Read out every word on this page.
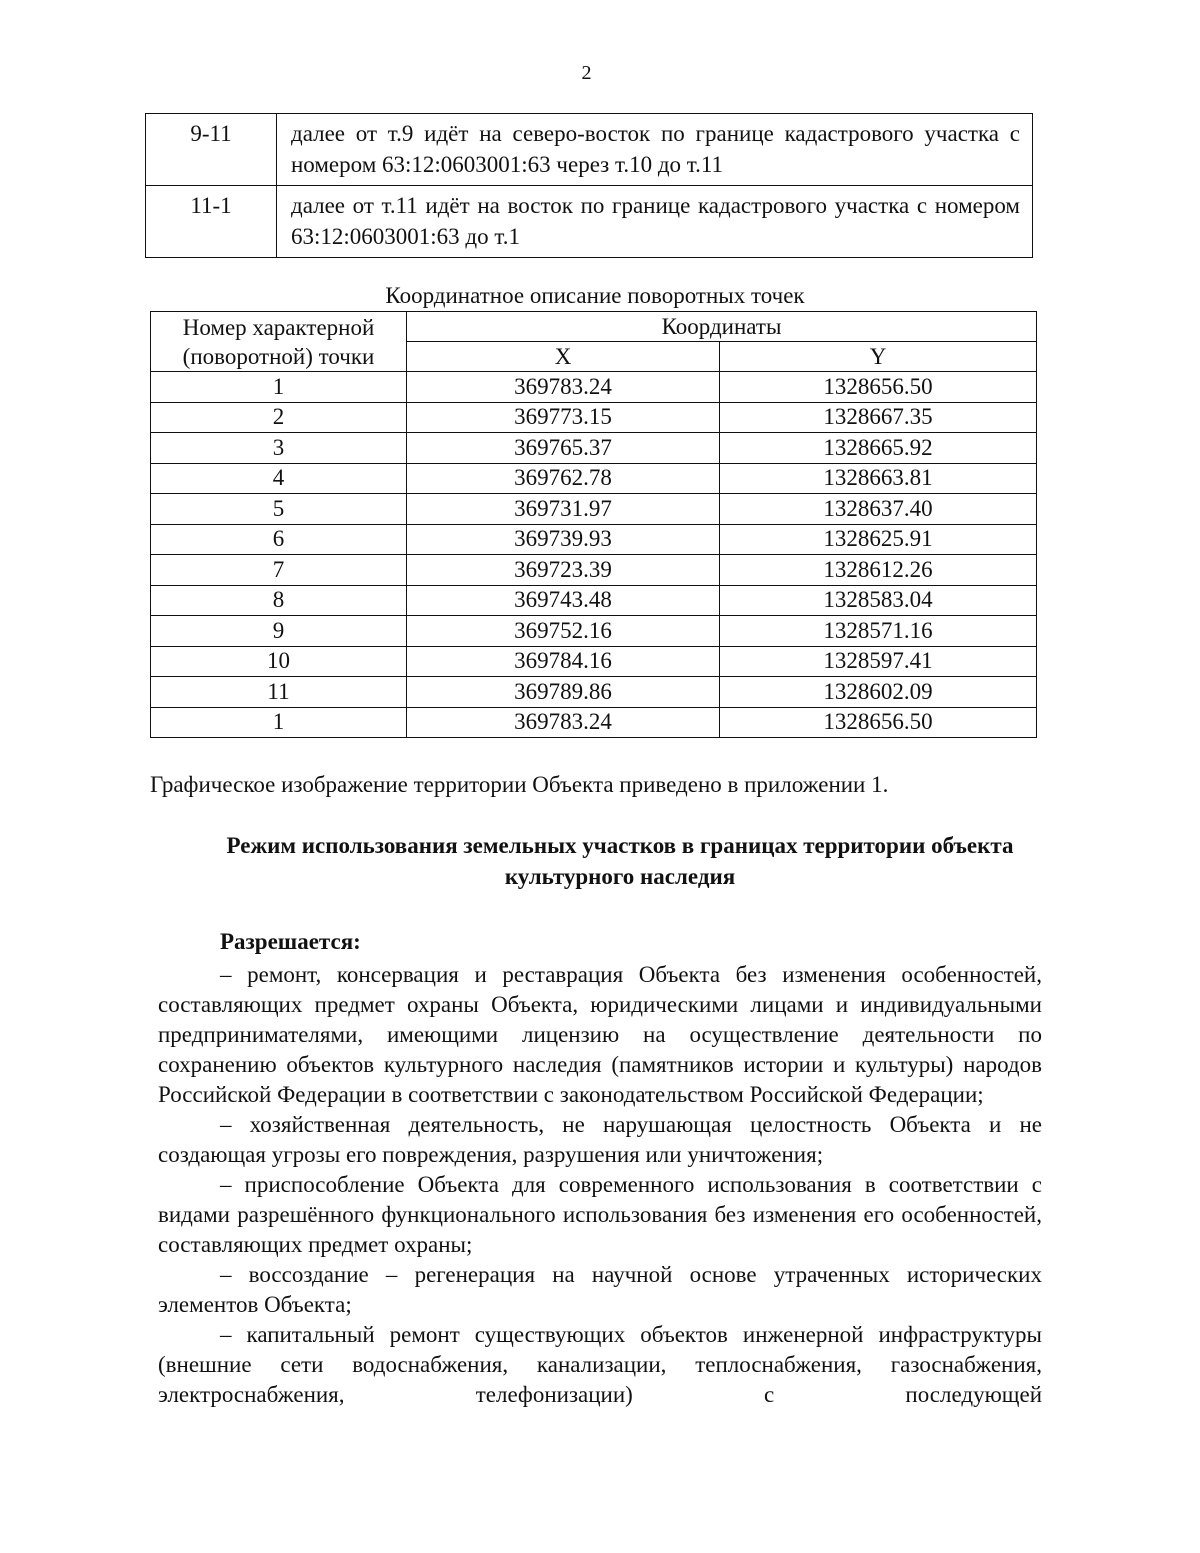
2
9-11	далее от т.9 идёт на северо-восток по границе кадастрового участка с номером 63:12:0603001:63 через т.10 до т.11
11-1	далее от т.11 идёт на восток по границе кадастрового участка с номером 63:12:0603001:63 до т.1
Координатное описание поворотных точек
Номер характерной (поворотной) точки	Координаты	
	X	Y
1	369783.24	1328656.50
2	369773.15	1328667.35
3	369765.37	1328665.92
4	369762.78	1328663.81
5	369731.97	1328637.40
6	369739.93	1328625.91
7	369723.39	1328612.26
8	369743.48	1328583.04
9	369752.16	1328571.16
10	369784.16	1328597.41
11	369789.86	1328602.09
1	369783.24	1328656.50
Графическое изображение территории Объекта приведено в приложении 1.
Режим использования земельных участков в границах территории объекта культурного наследия
Разрешается:

– ремонт, консервация и реставрация Объекта без изменения особенностей, составляющих предмет охраны Объекта, юридическими лицами и индивидуальными предпринимателями, имеющими лицензию на осуществление деятельности по сохранению объектов культурного наследия (памятников истории и культуры) народов Российской Федерации в соответствии с законодательством Российской Федерации;

– хозяйственная деятельность, не нарушающая целостность Объекта и не создающая угрозы его повреждения, разрушения или уничтожения;

– приспособление Объекта для современного использования в соответствии с видами разрешённого функционального использования без изменения его особенностей, составляющих предмет охраны;

– воссоздание – регенерация на научной основе утраченных исторических элементов Объекта;

– капитальный ремонт существующих объектов инженерной инфраструктуры (внешние сети водоснабжения, канализации, теплоснабжения, газоснабжения, электроснабжения, телефонизации) с последующей
